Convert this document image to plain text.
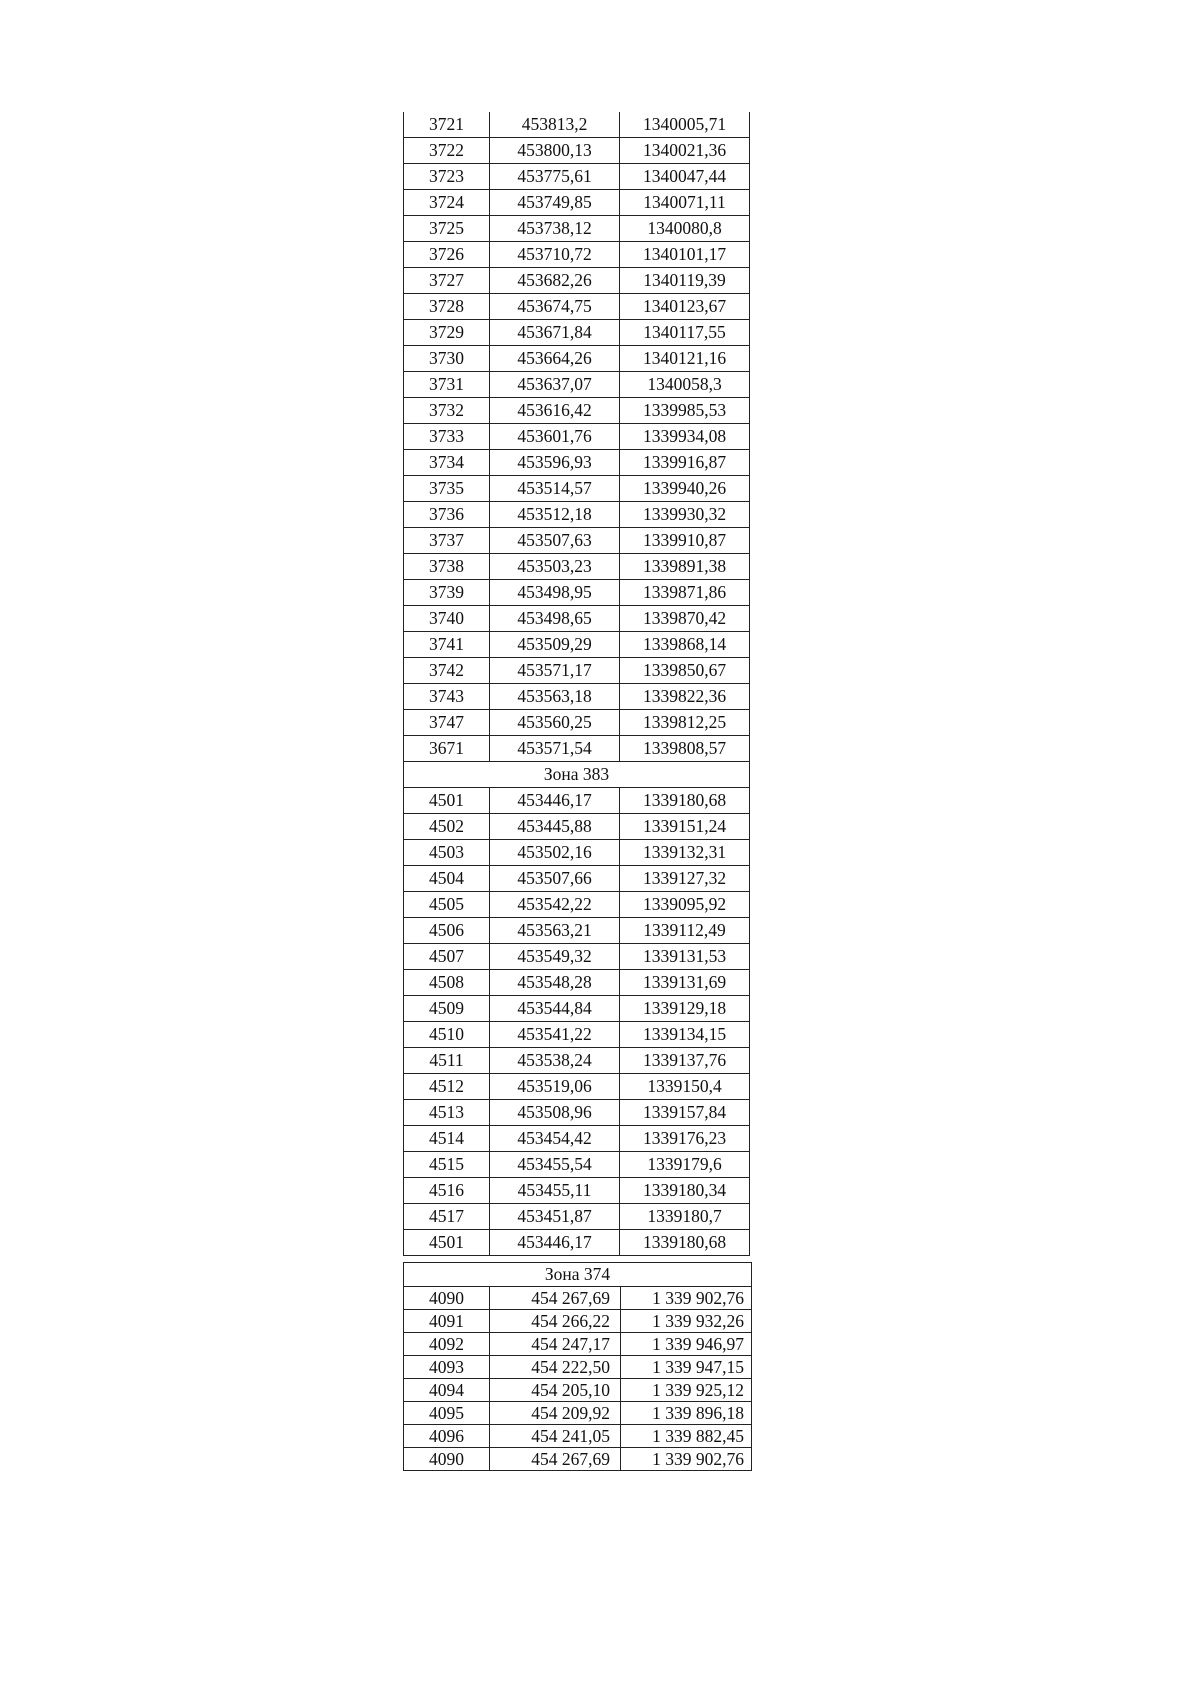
3721	453813,2	1340005,71
3722	453800,13	1340021,36
3723	453775,61	1340047,44
3724	453749,85	1340071,11
3725	453738,12	1340080,8
3726	453710,72	1340101,17
3727	453682,26	1340119,39
3728	453674,75	1340123,67
3729	453671,84	1340117,55
3730	453664,26	1340121,16
3731	453637,07	1340058,3
3732	453616,42	1339985,53
3733	453601,76	1339934,08
3734	453596,93	1339916,87
3735	453514,57	1339940,26
3736	453512,18	1339930,32
3737	453507,63	1339910,87
3738	453503,23	1339891,38
3739	453498,95	1339871,86
3740	453498,65	1339870,42
3741	453509,29	1339868,14
3742	453571,17	1339850,67
3743	453563,18	1339822,36
3747	453560,25	1339812,25
3671	453571,54	1339808,57
Зона 383		
4501	453446,17	1339180,68
4502	453445,88	1339151,24
4503	453502,16	1339132,31
4504	453507,66	1339127,32
4505	453542,22	1339095,92
4506	453563,21	1339112,49
4507	453549,32	1339131,53
4508	453548,28	1339131,69
4509	453544,84	1339129,18
4510	453541,22	1339134,15
4511	453538,24	1339137,76
4512	453519,06	1339150,4
4513	453508,96	1339157,84
4514	453454,42	1339176,23
4515	453455,54	1339179,6
4516	453455,11	1339180,34
4517	453451,87	1339180,7
4501	453446,17	1339180,68
Зона 374		
4090	454 267,69	1 339 902,76
4091	454 266,22	1 339 932,26
4092	454 247,17	1 339 946,97
4093	454 222,50	1 339 947,15
4094	454 205,10	1 339 925,12
4095	454 209,92	1 339 896,18
4096	454 241,05	1 339 882,45
4090	454 267,69	1 339 902,76
